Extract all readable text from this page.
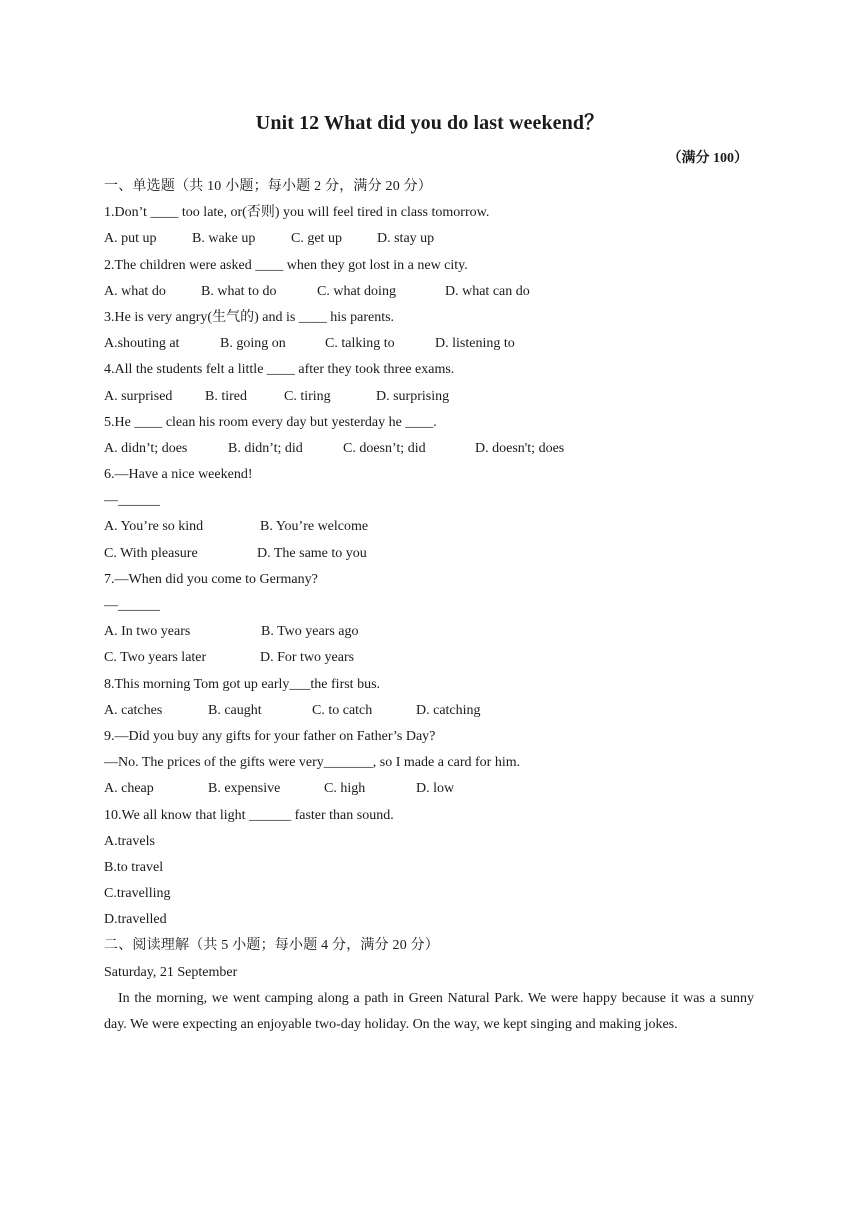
Unit 12 What did you do last weekend？
（满分 100）
一、单选题（共 10 小题；每小题 2 分，满分 20 分）
1.Don’t ____ too late, or(否则) you will feel tired in class tomorrow.
A. put up	B. wake up	C. get up	D. stay up
2.The children were asked ____ when they got lost in a new city.
A. what do	B. what to do	C. what doing	D. what can do
3.He is very angry(生气的) and is ____ his parents.
A.shouting at	B. going on	C. talking to	D. listening to
4.All the students felt a little ____ after they took three exams.
A. surprised	B. tired	C. tiring	D. surprising
5.He ____ clean his room every day but yesterday he ____.
A. didn’t; does	B. didn’t; did	C. doesn’t; did	D. doesn't; does
6.—Have a nice weekend!
—______
A. You’re so kind	B. You’re welcome
C. With pleasure	D. The same to you
7.—When did you come to Germany?
—______
A. In two years	B. Two years ago
C. Two years later	D. For two years
8.This morning Tom got up early___the first bus.
A. catches	B. caught	C. to catch	D. catching
9.—Did you buy any gifts for your father on Father’s Day?
—No. The prices of the gifts were very_______, so I made a card for him.
A. cheap	B. expensive	C. high	D. low
10.We all know that light ______ faster than sound.
A.travels
B.to travel
C.travelling
D.travelled
二、阅读理解（共 5 小题；每小题 4 分，满分 20 分）
Saturday, 21 September
In the morning, we went camping along a path in Green Natural Park. We were happy because it was a sunny day. We were expecting an enjoyable two-day holiday. On the way, we kept singing and making jokes.
